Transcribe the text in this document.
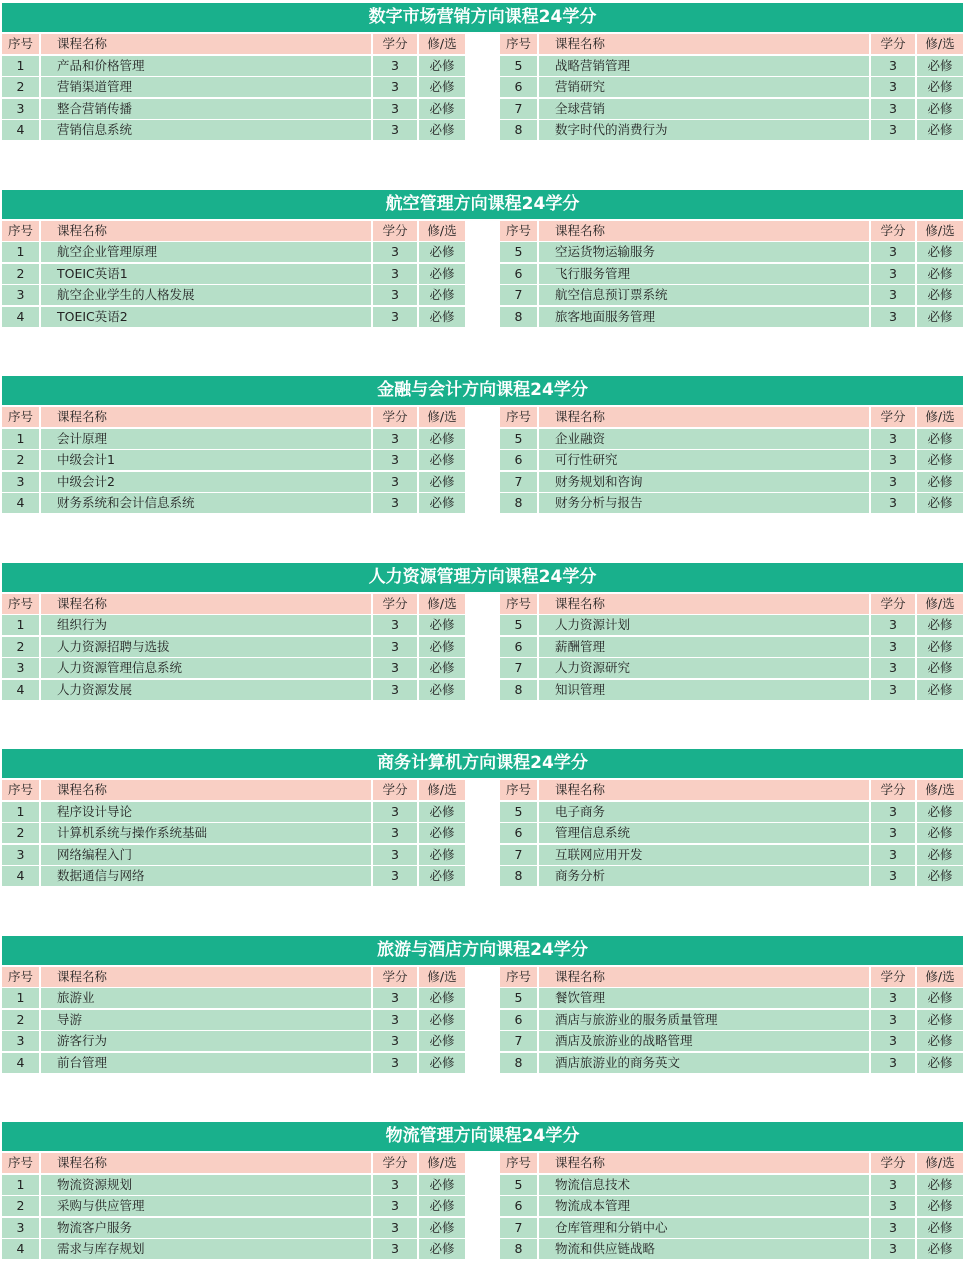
数字市场营销方向课程24学分
序号	课程名称	学分	修/选
1	产品和价格管理	3	必修
2	营销渠道管理	3	必修
3	整合营销传播	3	必修
4	营销信息系统	3	必修
序号	课程名称	学分	修/选
5	战略营销管理	3	必修
6	营销研究	3	必修
7	全球营销	3	必修
8	数字时代的消费行为	3	必修
航空管理方向课程24学分
序号	课程名称	学分	修/选
1	航空企业管理原理	3	必修
2	TOEIC英语1	3	必修
3	航空企业学生的人格发展	3	必修
4	TOEIC英语2	3	必修
序号	课程名称	学分	修/选
5	空运货物运输服务	3	必修
6	飞行服务管理	3	必修
7	航空信息预订票系统	3	必修
8	旅客地面服务管理	3	必修
金融与会计方向课程24学分
序号	课程名称	学分	修/选
1	会计原理	3	必修
2	中级会计1	3	必修
3	中级会计2	3	必修
4	财务系统和会计信息系统	3	必修
序号	课程名称	学分	修/选
5	企业融资	3	必修
6	可行性研究	3	必修
7	财务规划和咨询	3	必修
8	财务分析与报告	3	必修
人力资源管理方向课程24学分
序号	课程名称	学分	修/选
1	组织行为	3	必修
2	人力资源招聘与选拔	3	必修
3	人力资源管理信息系统	3	必修
4	人力资源发展	3	必修
序号	课程名称	学分	修/选
5	人力资源计划	3	必修
6	薪酬管理	3	必修
7	人力资源研究	3	必修
8	知识管理	3	必修
商务计算机方向课程24学分
序号	课程名称	学分	修/选
1	程序设计导论	3	必修
2	计算机系统与操作系统基础	3	必修
3	网络编程入门	3	必修
4	数据通信与网络	3	必修
序号	课程名称	学分	修/选
5	电子商务	3	必修
6	管理信息系统	3	必修
7	互联网应用开发	3	必修
8	商务分析	3	必修
旅游与酒店方向课程24学分
序号	课程名称	学分	修/选
1	旅游业	3	必修
2	导游	3	必修
3	游客行为	3	必修
4	前台管理	3	必修
序号	课程名称	学分	修/选
5	餐饮管理	3	必修
6	酒店与旅游业的服务质量管理	3	必修
7	酒店及旅游业的战略管理	3	必修
8	酒店旅游业的商务英文	3	必修
物流管理方向课程24学分
序号	课程名称	学分	修/选
1	物流资源规划	3	必修
2	采购与供应管理	3	必修
3	物流客户服务	3	必修
4	需求与库存规划	3	必修
序号	课程名称	学分	修/选
5	物流信息技术	3	必修
6	物流成本管理	3	必修
7	仓库管理和分销中心	3	必修
8	物流和供应链战略	3	必修
